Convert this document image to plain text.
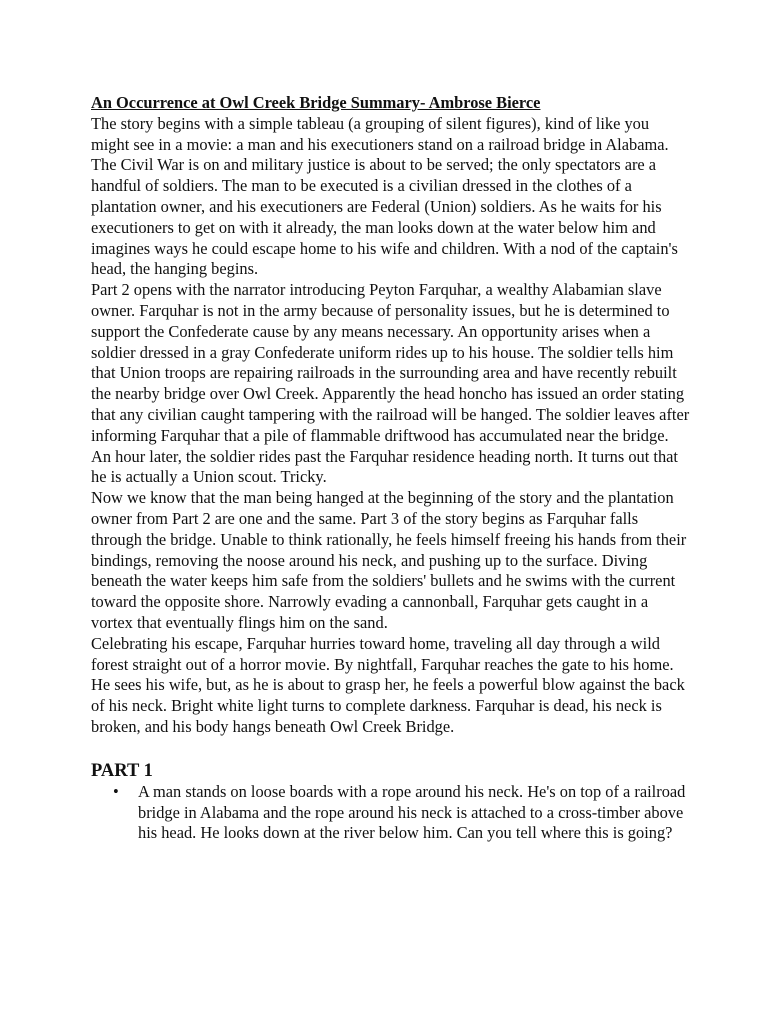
An Occurrence at Owl Creek Bridge Summary- Ambrose Bierce

The story begins with a simple tableau (a grouping of silent figures), kind of like you might see in a movie: a man and his executioners stand on a railroad bridge in Alabama. The Civil War is on and military justice is about to be served; the only spectators are a handful of soldiers. The man to be executed is a civilian dressed in the clothes of a plantation owner, and his executioners are Federal (Union) soldiers. As he waits for his executioners to get on with it already, the man looks down at the water below him and imagines ways he could escape home to his wife and children. With a nod of the captain's head, the hanging begins.

Part 2 opens with the narrator introducing Peyton Farquhar, a wealthy Alabamian slave owner. Farquhar is not in the army because of personality issues, but he is determined to support the Confederate cause by any means necessary. An opportunity arises when a soldier dressed in a gray Confederate uniform rides up to his house. The soldier tells him that Union troops are repairing railroads in the surrounding area and have recently rebuilt the nearby bridge over Owl Creek. Apparently the head honcho has issued an order stating that any civilian caught tampering with the railroad will be hanged. The soldier leaves after informing Farquhar that a pile of flammable driftwood has accumulated near the bridge. An hour later, the soldier rides past the Farquhar residence heading north. It turns out that he is actually a Union scout. Tricky.

Now we know that the man being hanged at the beginning of the story and the plantation owner from Part 2 are one and the same. Part 3 of the story begins as Farquhar falls through the bridge. Unable to think rationally, he feels himself freeing his hands from their bindings, removing the noose around his neck, and pushing up to the surface. Diving beneath the water keeps him safe from the soldiers' bullets and he swims with the current toward the opposite shore. Narrowly evading a cannonball, Farquhar gets caught in a vortex that eventually flings him on the sand.

Celebrating his escape, Farquhar hurries toward home, traveling all day through a wild forest straight out of a horror movie. By nightfall, Farquhar reaches the gate to his home. He sees his wife, but, as he is about to grasp her, he feels a powerful blow against the back of his neck. Bright white light turns to complete darkness. Farquhar is dead, his neck is broken, and his body hangs beneath Owl Creek Bridge.

PART 1

• A man stands on loose boards with a rope around his neck. He's on top of a railroad bridge in Alabama and the rope around his neck is attached to a cross-timber above his head. He looks down at the river below him. Can you tell where this is going?
